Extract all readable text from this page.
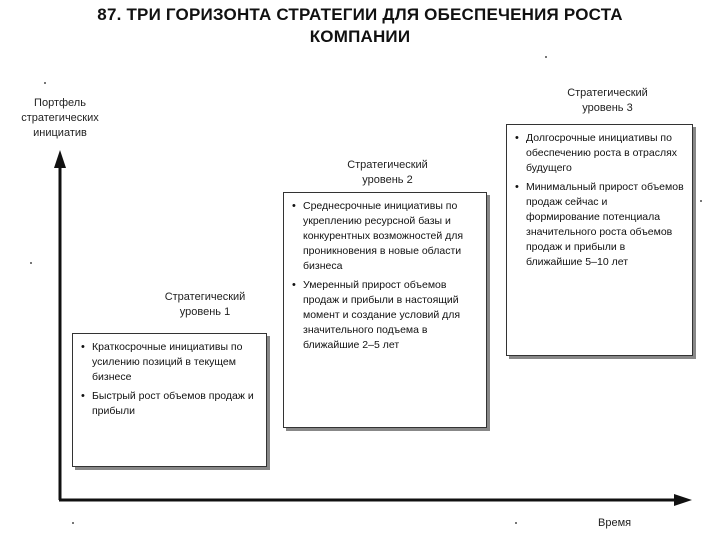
87. ТРИ ГОРИЗОНТА СТРАТЕГИИ ДЛЯ ОБЕСПЕЧЕНИЯ РОСТА
КОМПАНИИ
Портфель
стратегических
инициатив
Время
Стратегический
уровень 1
• Краткосрочные инициативы по усилению позиций в текущем бизнесе
• Быстрый рост объемов продаж и прибыли
Стратегический
уровень 2
• Среднесрочные инициативы по укреплению ресурсной базы и конкурентных возможностей для проникновения в новые области бизнеса
• Умеренный прирост объемов продаж и прибыли в настоящий момент и создание условий для значительного подъема в ближайшие 2–5 лет
Стратегический
уровень 3
• Долгосрочные инициативы по обеспечению роста в отраслях будущего
• Минимальный прирост объемов продаж сейчас и формирование потенциала значительного роста объемов продаж и прибыли в ближайшие 5–10 лет
